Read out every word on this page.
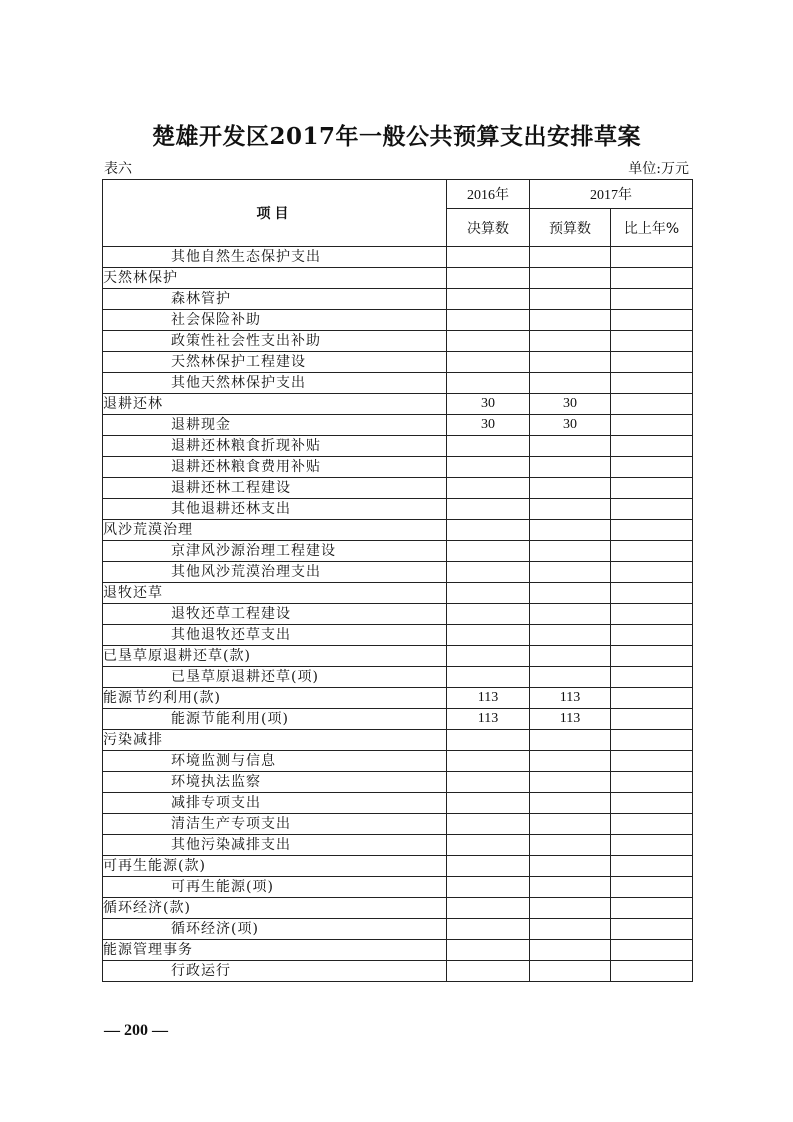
楚雄开发区2017年一般公共预算支出安排草案
表六	单位:万元
项目	2016年	2017年	
	决算数	预算数	比上年%
其他自然生态保护支出			
天然林保护			
森林管护			
社会保险补助			
政策性社会性支出补助			
天然林保护工程建设			
其他天然林保护支出			
退耕还林	30	30	
退耕现金	30	30	
退耕还林粮食折现补贴			
退耕还林粮食费用补贴			
退耕还林工程建设			
其他退耕还林支出			
风沙荒漠治理			
京津风沙源治理工程建设			
其他风沙荒漠治理支出			
退牧还草			
退牧还草工程建设			
其他退牧还草支出			
已垦草原退耕还草(款)			
已垦草原退耕还草(项)			
能源节约利用(款)	113	113	
能源节能利用(项)	113	113	
污染减排			
环境监测与信息			
环境执法监察			
减排专项支出			
清洁生产专项支出			
其他污染减排支出			
可再生能源(款)			
可再生能源(项)			
循环经济(款)			
循环经济(项)			
能源管理事务			
行政运行			
— 200 —
